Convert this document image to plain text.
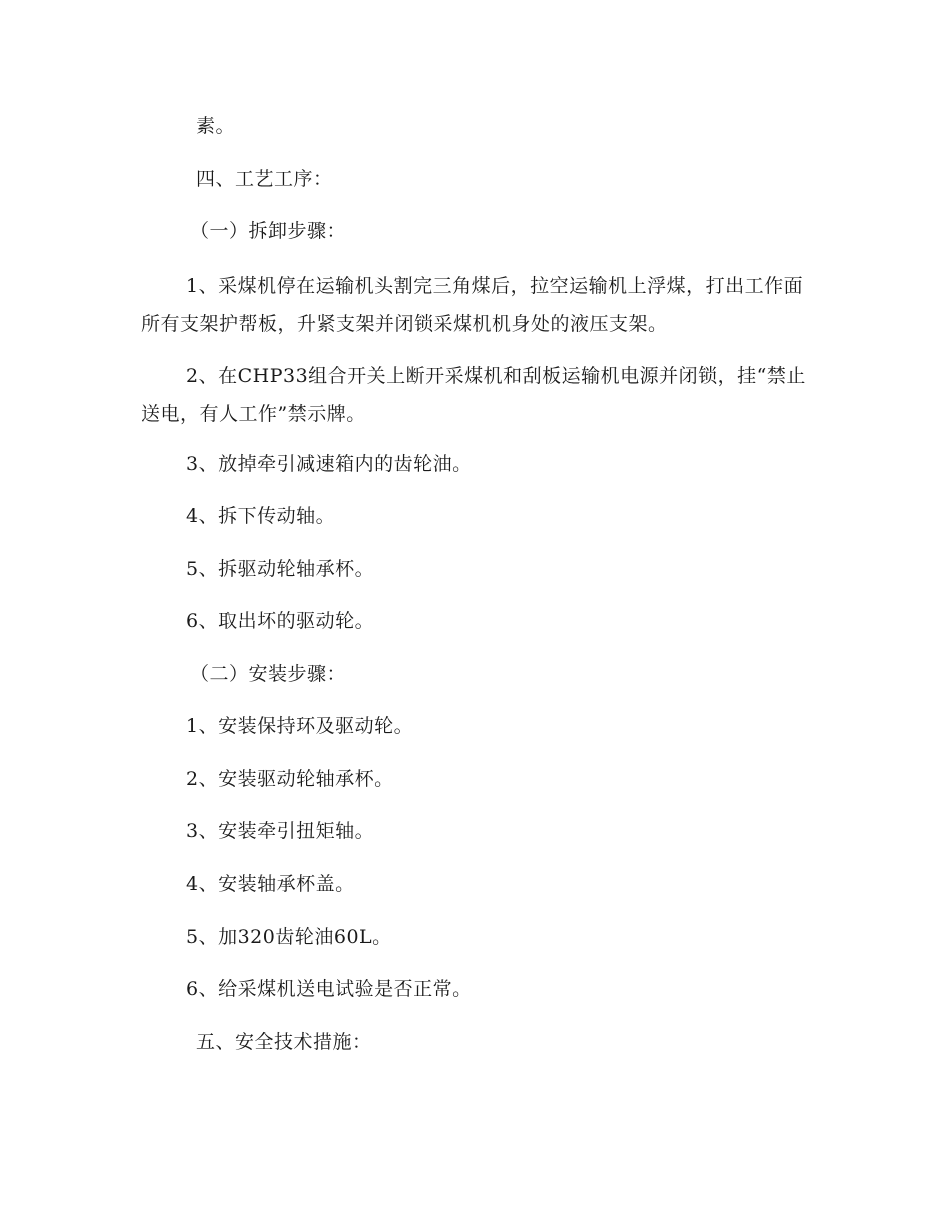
素。
四、工艺工序：
（一）拆卸步骤：
1、采煤机停在运输机头割完三角煤后，拉空运输机上浮煤，打出工作面所有支架护帮板，升紧支架并闭锁采煤机机身处的液压支架。
2、在CHP33组合开关上断开采煤机和刮板运输机电源并闭锁，挂“禁止送电，有人工作”禁示牌。
3、放掉牵引减速箱内的齿轮油。
4、拆下传动轴。
5、拆驱动轮轴承杯。
6、取出坏的驱动轮。
（二）安装步骤：
1、安装保持环及驱动轮。
2、安装驱动轮轴承杯。
3、安装牵引扭矩轴。
4、安装轴承杯盖。
5、加320齿轮油60L。
6、给采煤机送电试验是否正常。
五、安全技术措施：
